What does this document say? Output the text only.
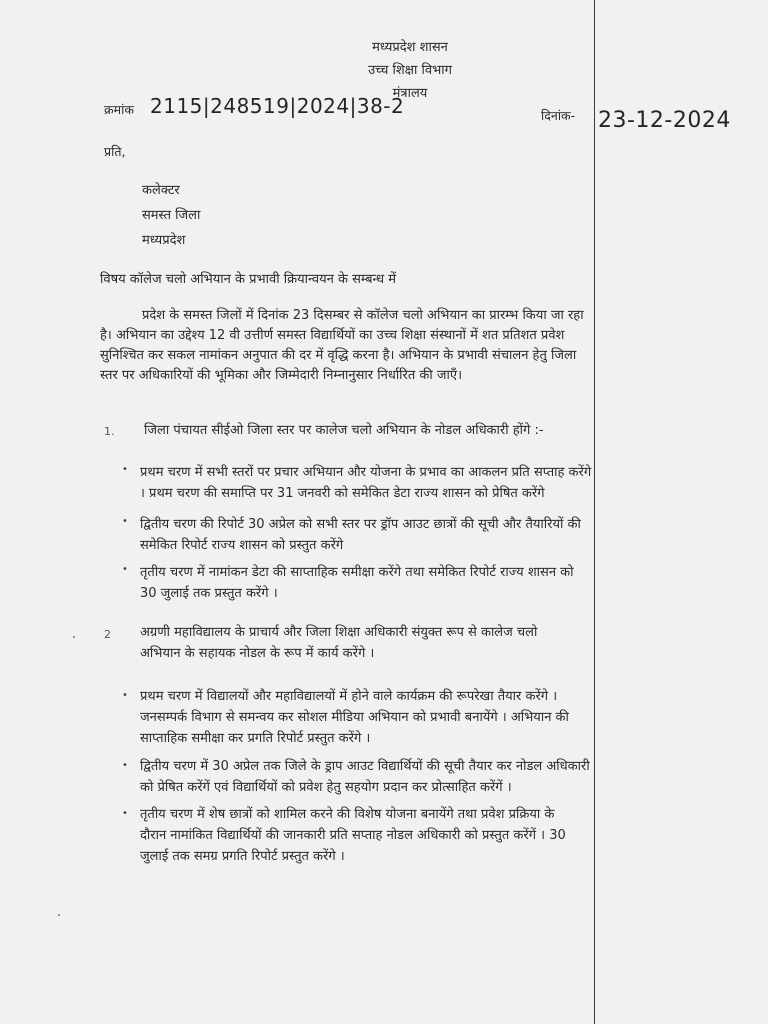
मध्यप्रदेश शासन
उच्च शिक्षा विभाग
मंत्रालय
क्रमांक 2115|248519|2024|38-2	दिनांक- 23-12-2024
प्रति,
कलेक्टर
समस्त जिला
मध्यप्रदेश
विषय कॉलेज चलो अभियान के प्रभावी क्रियान्वयन के सम्बन्ध में
प्रदेश के समस्त जिलों में दिनांक 23 दिसम्बर से कॉलेज चलो अभियान का प्रारम्भ किया जा रहा
है। अभियान का उद्देश्य 12 वी उत्तीर्ण समस्त विद्यार्थियों का उच्च शिक्षा संस्थानों में शत प्रतिशत प्रवेश
सुनिश्चित कर सकल नामांकन अनुपात की दर में वृद्धि करना है। अभियान के प्रभावी संचालन हेतु जिला
स्तर पर अधिकारियों की भूमिका और जिम्मेदारी निम्नानुसार निर्धारित की जाएँ।
1. जिला पंचायत सीईओ जिला स्तर पर कालेज चलो अभियान के नोडल अधिकारी होंगे :-
• प्रथम चरण में सभी स्तरों पर प्रचार अभियान और योजना के प्रभाव का आकलन प्रति सप्ताह करेंगे
। प्रथम चरण की समाप्ति पर 31 जनवरी को समेकित डेटा राज्य शासन को प्रेषित करेंगे
• द्वितीय चरण की रिपोर्ट 30 अप्रेल को सभी स्तर पर ड्रॉप आउट छात्रों की सूची और तैयारियों की
समेकित रिपोर्ट राज्य शासन को प्रस्तुत करेंगे
• तृतीय चरण में नामांकन डेटा की साप्ताहिक समीक्षा करेंगे तथा समेकित रिपोर्ट राज्य शासन को
30 जुलाई तक प्रस्तुत करेंगे ।
2 अग्रणी महाविद्यालय के प्राचार्य और जिला शिक्षा अधिकारी संयुक्त रूप से कालेज चलो
अभियान के सहायक नोडल के रूप में कार्य करेंगे ।
• प्रथम चरण में विद्यालयों और महाविद्यालयों में होने वाले कार्यक्रम की रूपरेखा तैयार करेंगे ।
जनसम्पर्क विभाग से समन्वय कर सोशल मीडिया अभियान को प्रभावी बनायेंगे । अभियान की
साप्ताहिक समीक्षा कर प्रगति रिपोर्ट प्रस्तुत करेंगे ।
• द्वितीय चरण में 30 अप्रेल तक जिले के ड्राप आउट विद्यार्थियों की सूची तैयार कर नोडल अधिकारी
को प्रेषित करेंगें एवं विद्यार्थियों को प्रवेश हेतु सहयोग प्रदान कर प्रोत्साहित करेंगें ।
• तृतीय चरण में शेष छात्रों को शामिल करने की विशेष योजना बनायेंगे तथा प्रवेश प्रक्रिया के
दौरान नामांकित विद्यार्थियों की जानकारी प्रति सप्ताह नोडल अधिकारी को प्रस्तुत करेंगें । 30
जुलाई तक समग्र प्रगति रिपोर्ट प्रस्तुत करेंगे ।
